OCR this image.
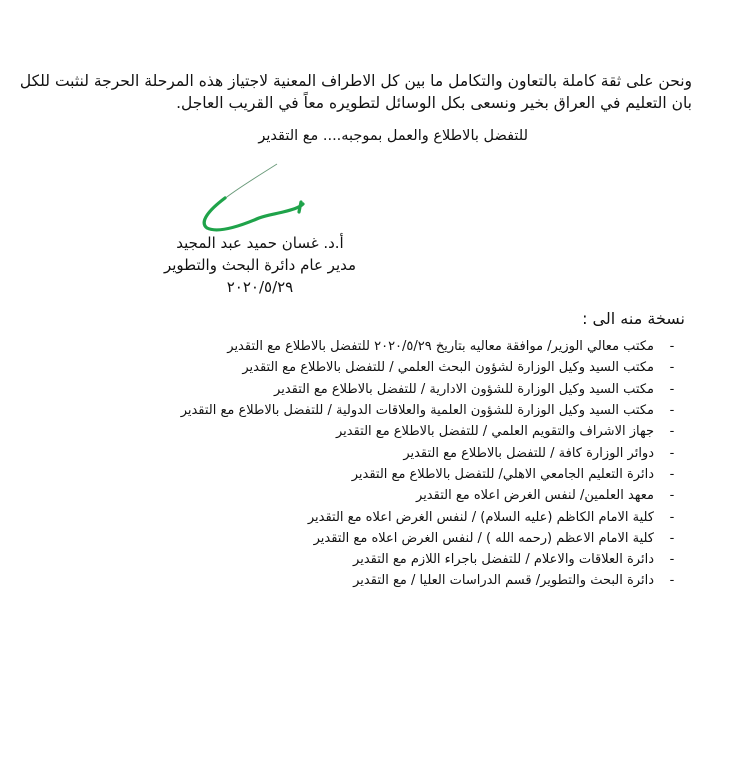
ونحن على ثقة كاملة بالتعاون والتكامل ما بين كل الاطراف المعنية لاجتياز هذه المرحلة الحرجة لنثبت للكل
بان التعليم في العراق بخير ونسعى بكل الوسائل لتطويره معاً في القريب العاجل.
للتفضل بالاطلاع والعمل بموجبه.... مع التقدير
أ.د. غسان حميد عبد المجيد
مدير عام دائرة البحث والتطوير
٢٠٢٠/٥/٢٩
نسخة منه الى :
-
مكتب معالي الوزير/ موافقة معاليه بتاريخ ٢٠٢٠/٥/٢٩ للتفضل بالاطلاع مع التقدير
-
مكتب السيد وكيل الوزارة لشؤون البحث العلمي / للتفضل بالاطلاع مع التقدير
-
مكتب السيد وكيل الوزارة للشؤون الادارية / للتفضل بالاطلاع مع التقدير
-
مكتب السيد وكيل الوزارة للشؤون العلمية والعلاقات الدولية / للتفضل بالاطلاع مع التقدير
-
جهاز الاشراف والتقويم العلمي / للتفضل بالاطلاع مع التقدير
-
دوائر الوزارة كافة / للتفضل بالاطلاع مع التقدير
-
دائرة التعليم الجامعي الاهلي/ للتفضل بالاطلاع مع التقدير
-
معهد العلمين/ لنفس الغرض اعلاه مع التقدير
-
كلية الامام الكاظم (عليه السلام) / لنفس الغرض اعلاه مع التقدير
-
كلية الامام الاعظم (رحمه الله ) / لنفس الغرض اعلاه مع التقدير
-
دائرة العلاقات والاعلام / للتفضل باجراء اللازم مع التقدير
-
دائرة البحث والتطوير/ قسم الدراسات العليا / مع التقدير
